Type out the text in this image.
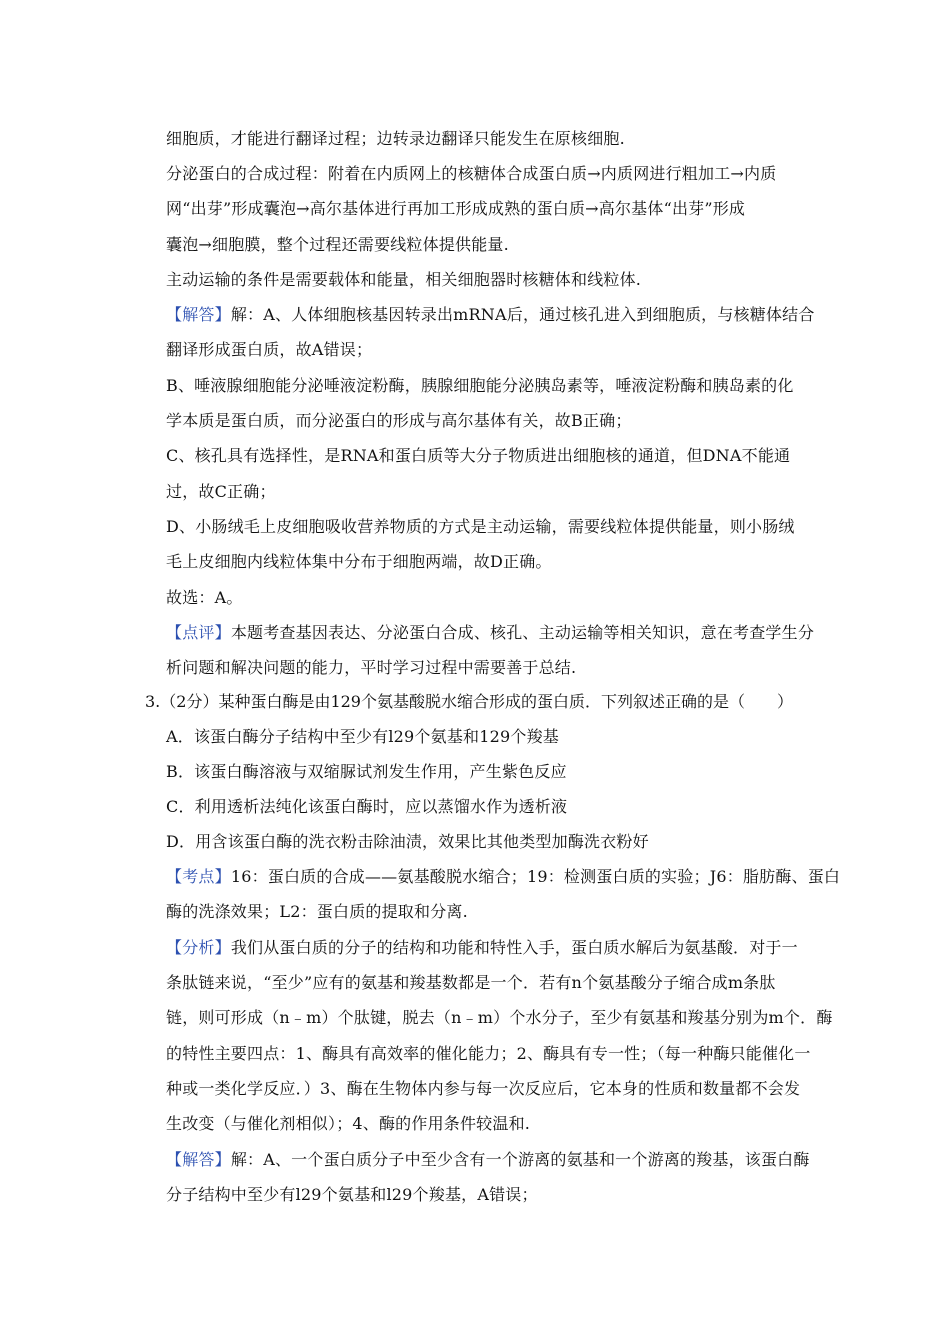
细胞质，才能进行翻译过程；边转录边翻译只能发生在原核细胞.
分泌蛋白的合成过程：附着在内质网上的核糖体合成蛋白质→内质网进行粗加工→内质
网“出芽”形成囊泡→高尔基体进行再加工形成成熟的蛋白质→高尔基体“出芽”形成
囊泡→细胞膜，整个过程还需要线粒体提供能量.
主动运输的条件是需要载体和能量，相关细胞器时核糖体和线粒体.
【解答】解：A、人体细胞核基因转录出mRNA后，通过核孔进入到细胞质，与核糖体结合
翻译形成蛋白质，故A错误；
B、唾液腺细胞能分泌唾液淀粉酶，胰腺细胞能分泌胰岛素等，唾液淀粉酶和胰岛素的化
学本质是蛋白质，而分泌蛋白的形成与高尔基体有关，故B正确；
C、核孔具有选择性，是RNA和蛋白质等大分子物质进出细胞核的通道，但DNA不能通
过，故C正确；
D、小肠绒毛上皮细胞吸收营养物质的方式是主动运输，需要线粒体提供能量，则小肠绒
毛上皮细胞内线粒体集中分布于细胞两端，故D正确。
故选：A。
【点评】本题考查基因表达、分泌蛋白合成、核孔、主动运输等相关知识，意在考查学生分
析问题和解决问题的能力，平时学习过程中需要善于总结.
3.（2分）某种蛋白酶是由129个氨基酸脱水缩合形成的蛋白质．下列叙述正确的是（　　）
A．该蛋白酶分子结构中至少有l29个氨基和129个羧基
B．该蛋白酶溶液与双缩脲试剂发生作用，产生紫色反应
C．利用透析法纯化该蛋白酶时，应以蒸馏水作为透析液
D．用含该蛋白酶的洗衣粉击除油渍，效果比其他类型加酶洗衣粉好
【考点】16：蛋白质的合成——氨基酸脱水缩合；19：检测蛋白质的实验；J6：脂肪酶、蛋白
酶的洗涤效果；L2：蛋白质的提取和分离.
【分析】我们从蛋白质的分子的结构和功能和特性入手，蛋白质水解后为氨基酸．对于一
条肽链来说，“至少”应有的氨基和羧基数都是一个．若有n个氨基酸分子缩合成m条肽
链，则可形成（n﹣m）个肽键，脱去（n﹣m）个水分子，至少有氨基和羧基分别为m个．酶
的特性主要四点：1、酶具有高效率的催化能力；2、酶具有专一性；（每一种酶只能催化一
种或一类化学反应．）3、酶在生物体内参与每一次反应后，它本身的性质和数量都不会发
生改变（与催化剂相似）；4、酶的作用条件较温和.
【解答】解：A、一个蛋白质分子中至少含有一个游离的氨基和一个游离的羧基，该蛋白酶
分子结构中至少有l29个氨基和l29个羧基，A错误；
